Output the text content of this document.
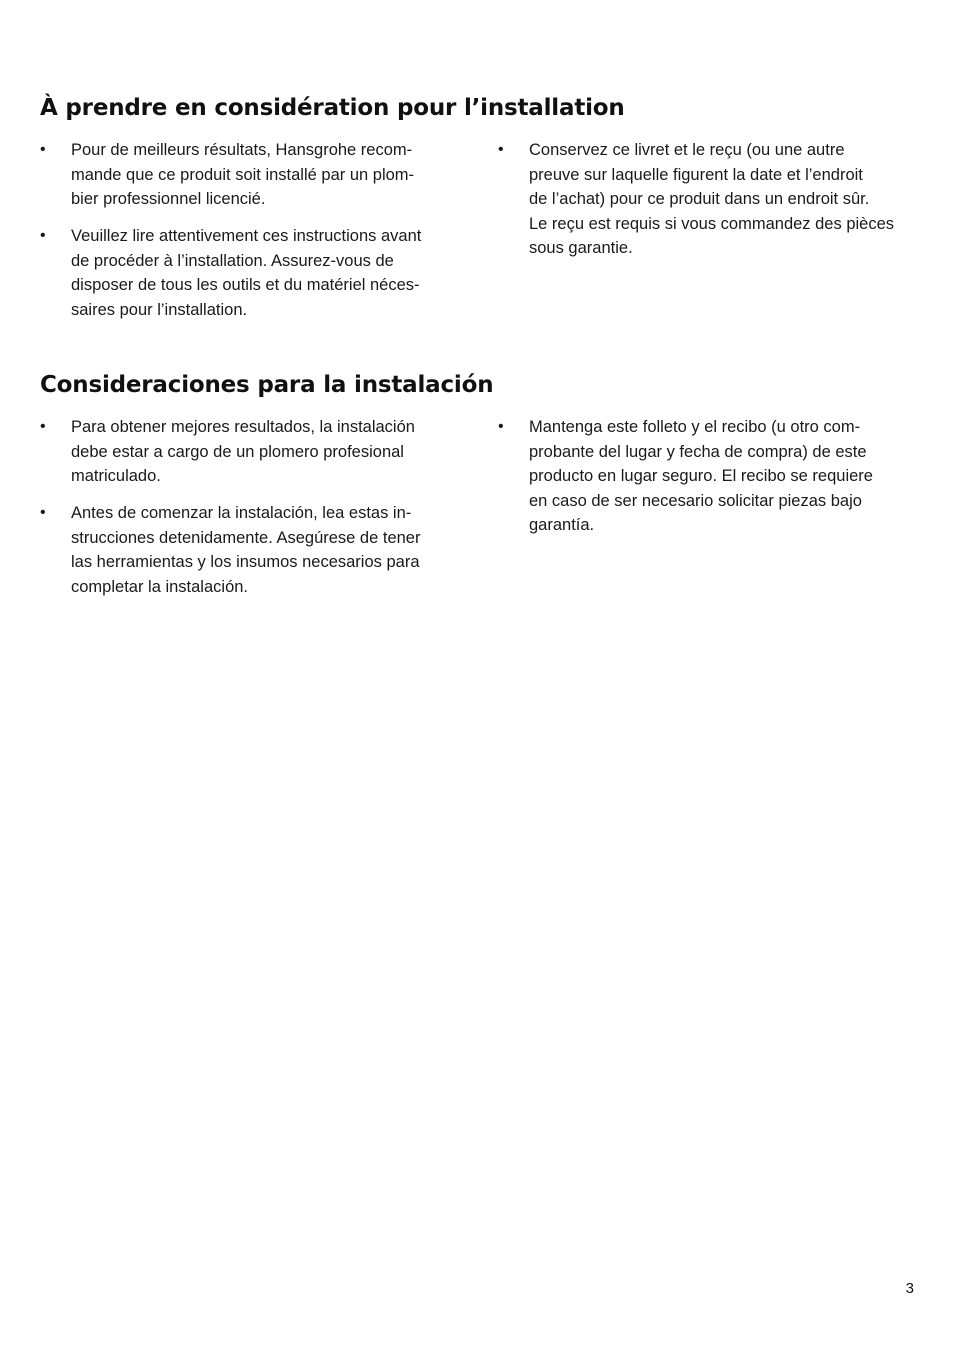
À prendre en considération pour l’installation
•	Pour de meilleurs résultats, Hansgrohe recom-
mande que ce produit soit installé par un plom-
bier professionnel licencié.
•	Veuillez lire attentivement ces instructions avant
de procéder à l’installation. Assurez-vous de
disposer de tous les outils et du matériel néces-
saires pour l’installation.
•	Conservez ce livret et le reçu (ou une autre
preuve sur laquelle figurent la date et l’endroit
de l’achat) pour ce produit dans un endroit sûr.
Le reçu est requis si vous commandez des pièces
sous garantie.
Consideraciones para la instalación
•	Para obtener mejores resultados, la instalación
debe estar a cargo de un plomero profesional
matriculado.
•	Antes de comenzar la instalación, lea estas in-
strucciones detenidamente. Asegúrese de tener
las herramientas y los insumos necesarios para
completar la instalación.
•	Mantenga este folleto y el recibo (u otro com-
probante del lugar y fecha de compra) de este
producto en lugar seguro. El recibo se requiere
en caso de ser necesario solicitar piezas bajo
garantía.
3
